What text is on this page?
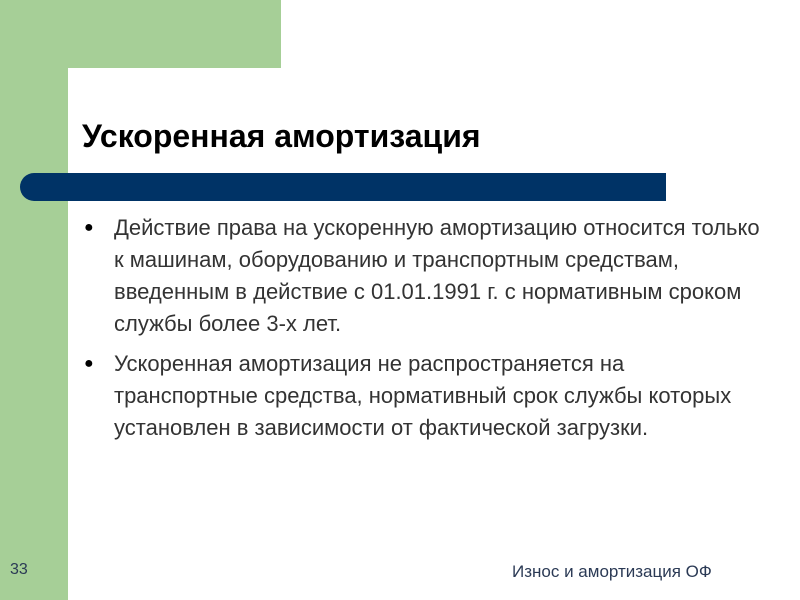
Ускоренная амортизация
● Действие права на ускоренную амортизацию относится только к машинам, оборудованию и транспортным средствам, введенным в действие с 01.01.1991 г. с нормативным сроком службы более 3-х лет.
● Ускоренная амортизация не распространяется на транспортные средства, нормативный срок службы которых установлен в зависимости от фактической загрузки.
33	Износ и амортизация ОФ
